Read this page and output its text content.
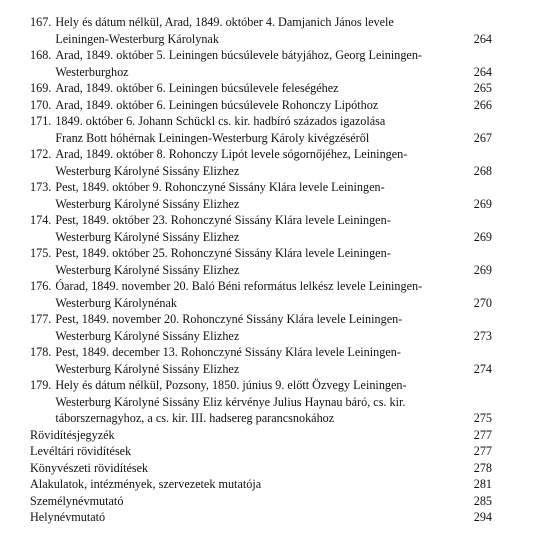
167. Hely és dátum nélkül, Arad, 1849. október 4. Damjanich János levele
Leiningen-Westerburg Károlynak	264
168. Arad, 1849. október 5. Leiningen búcsúlevele bátyjához, Georg Leiningen-
Westerburghoz	264
169. Arad, 1849. október 6. Leiningen búcsúlevele feleségéhez	265
170. Arad, 1849. október 6. Leiningen búcsúlevele Rohonczy Lipóthoz	266
171. 1849. október 6. Johann Schückl cs. kir. hadbíró százados igazolása
Franz Bott hóhérnak Leiningen-Westerburg Károly kivégzéséről	267
172. Arad, 1849. október 8. Rohonczy Lipót levele sógornőjéhez, Leiningen-
Westerburg Károlyné Sissány Elizhez	268
173. Pest, 1849. október 9. Rohonczyné Sissány Klára levele Leiningen-
Westerburg Károlyné Sissány Elizhez	269
174. Pest, 1849. október 23. Rohonczyné Sissány Klára levele Leiningen-
Westerburg Károlyné Sissány Elizhez	269
175. Pest, 1849. október 25. Rohonczyné Sissány Klára levele Leiningen-
Westerburg Károlyné Sissány Elizhez	269
176. Óarad, 1849. november 20. Baló Béni református lelkész levele Leiningen-
Westerburg Károlynénak	270
177. Pest, 1849. november 20. Rohonczyné Sissány Klára levele Leiningen-
Westerburg Károlyné Sissány Elizhez	273
178. Pest, 1849. december 13. Rohonczyné Sissány Klára levele Leiningen-
Westerburg Károlyné Sissány Elizhez	274
179. Hely és dátum nélkül, Pozsony, 1850. június 9. előtt Özvegy Leiningen-
Westerburg Károlyné Sissány Eliz kérvénye Julius Haynau báró, cs. kir.
táborszernagyhoz, a cs. kir. III. hadsereg parancsnokához	275
Rövidítésjegyzék	277
Levéltári rövidítések	277
Könyvészeti rövidítések	278
Alakulatok, intézmények, szervezetek mutatója	281
Személynévmutató	285
Helynévmutató	294
